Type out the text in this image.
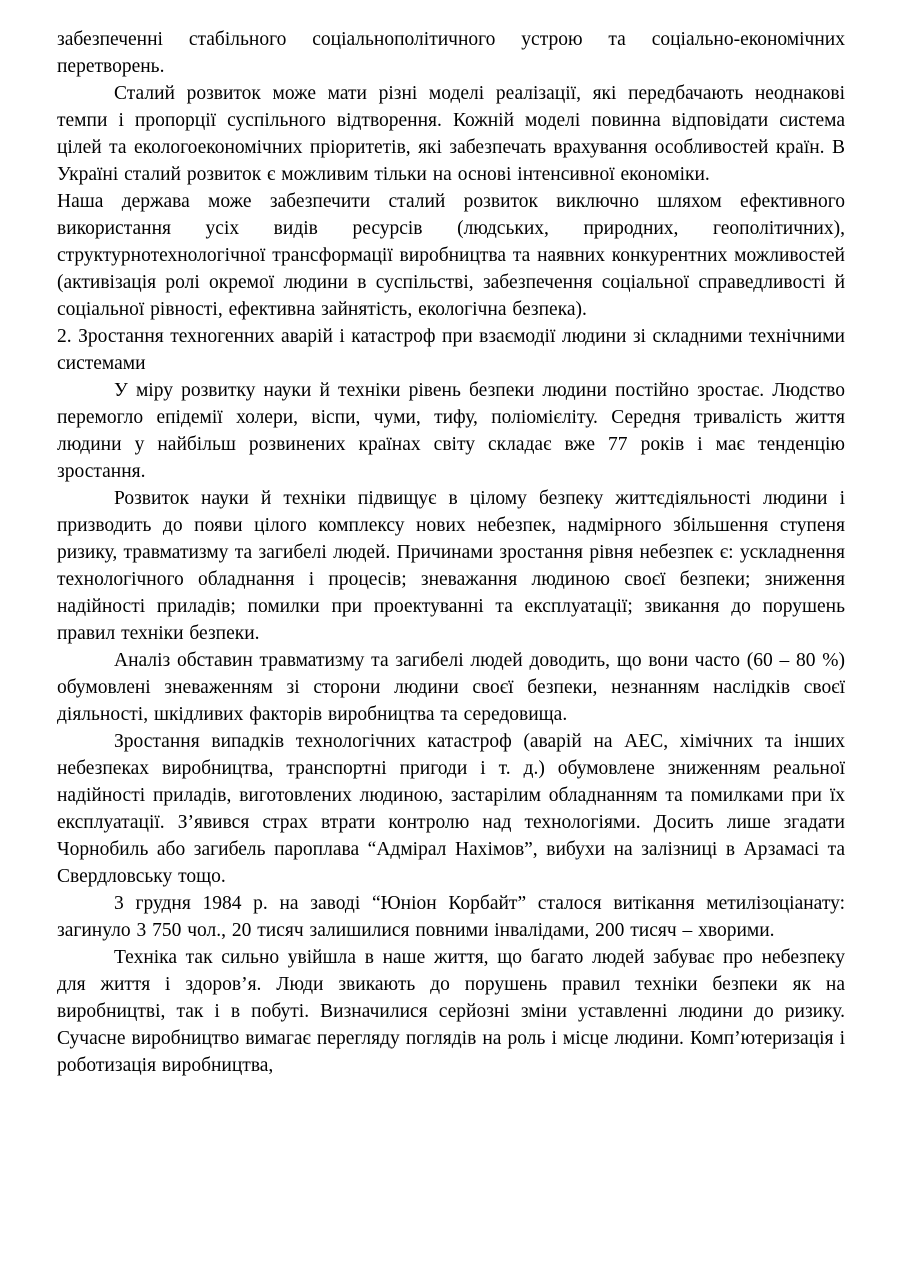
забезпеченні стабільного соціальнополітичного устрою та соціально-економічних перетворень.

Сталий розвиток може мати різні моделі реалізації, які передбачають неоднакові темпи і пропорції суспільного відтворення. Кожній моделі повинна відповідати система цілей та екологоекономічних пріоритетів, які забезпечать врахування особливостей країн. В Україні сталий розвиток є можливим тільки на основі інтенсивної економіки.

Наша держава може забезпечити сталий розвиток виключно шляхом ефективного використання усіх видів ресурсів (людських, природних, геополітичних), структурнотехнологічної трансформації виробництва та наявних конкурентних можливостей (активізація ролі окремої людини в суспільстві, забезпечення соціальної справедливості й соціальної рівності, ефективна зайнятість, екологічна безпека).

2. Зростання техногенних аварій і катастроф при взаємодії людини зі складними технічними системами

У міру розвитку науки й техніки рівень безпеки людини постійно зростає. Людство перемогло епідемії холери, віспи, чуми, тифу, поліомієліту. Середня тривалість життя людини у найбільш розвинених країнах світу складає вже 77 років і має тенденцію зростання.

Розвиток науки й техніки підвищує в цілому безпеку життєдіяльності людини і призводить до появи цілого комплексу нових небезпек, надмірного збільшення ступеня ризику, травматизму та загибелі людей. Причинами зростання рівня небезпек є: ускладнення технологічного обладнання і процесів; зневажання людиною своєї безпеки; зниження надійності приладів; помилки при проектуванні та експлуатації; звикання до порушень правил техніки безпеки.

Аналіз обставин травматизму та загибелі людей доводить, що вони часто (60 – 80 %) обумовлені зневаженням зі сторони людини своєї безпеки, незнанням наслідків своєї діяльності, шкідливих факторів виробництва та середовища.

Зростання випадків технологічних катастроф (аварій на АЕС, хімічних та інших небезпеках виробництва, транспортні пригоди і т. д.) обумовлене зниженням реальної надійності приладів, виготовлених людиною, застарілим обладнанням та помилками при їх експлуатації. З’явився страх втрати контролю над технологіями. Досить лише згадати Чорнобиль або загибель пароплава “Адмірал Нахімов”, вибухи на залізниці в Арзамасі та Свердловську тощо.

3 грудня 1984 р. на заводі “Юніон Корбайт” сталося витікання метилізоціанату: загинуло 3 750 чол., 20 тисяч залишилися повними інвалідами, 200 тисяч – хворими.

Техніка так сильно увійшла в наше життя, що багато людей забуває про небезпеку для життя і здоров’я. Люди звикають до порушень правил техніки безпеки як на виробництві, так і в побуті. Визначилися серйозні зміни уставленні людини до ризику. Сучасне виробництво вимагає перегляду поглядів на роль і місце людини. Комп’ютеризація і роботизація виробництва,
